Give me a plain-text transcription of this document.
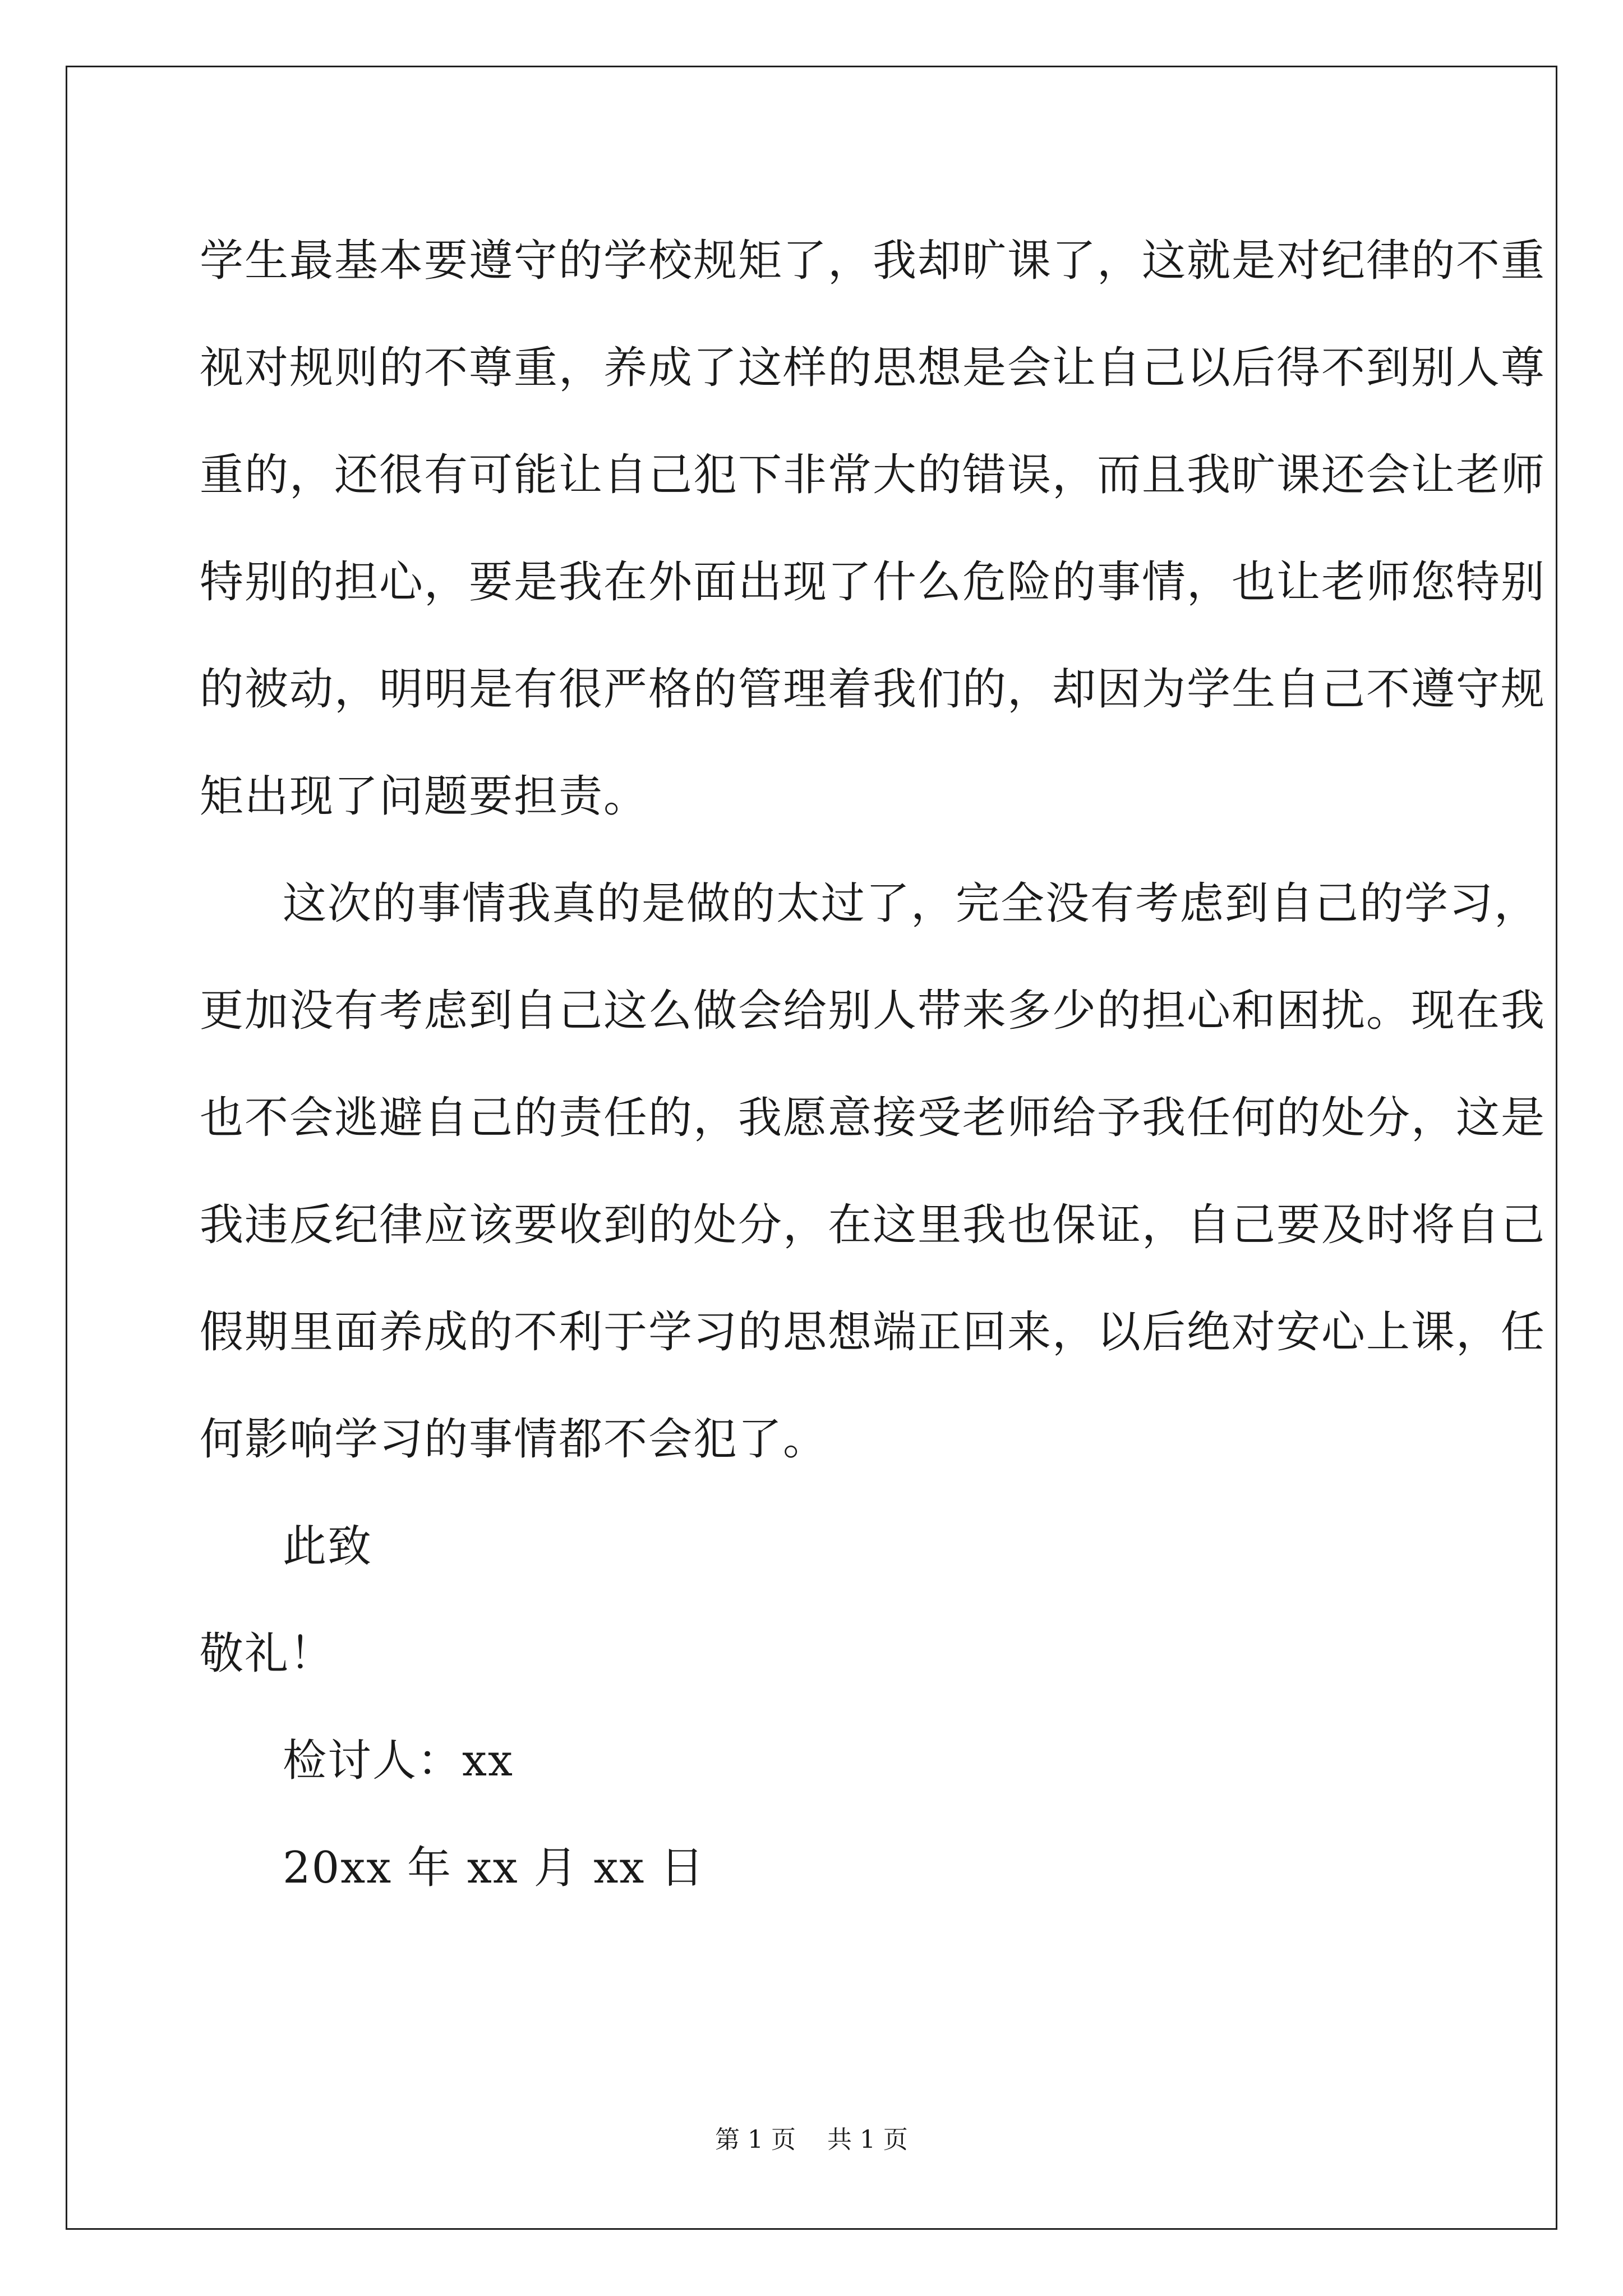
学生最基本要遵守的学校规矩了，我却旷课了，这就是对纪律的不重
视对规则的不尊重，养成了这样的思想是会让自己以后得不到别人尊
重的，还很有可能让自己犯下非常大的错误，而且我旷课还会让老师
特别的担心，要是我在外面出现了什么危险的事情，也让老师您特别
的被动，明明是有很严格的管理着我们的，却因为学生自己不遵守规
矩出现了问题要担责。
这次的事情我真的是做的太过了，完全没有考虑到自己的学习，
更加没有考虑到自己这么做会给别人带来多少的担心和困扰。现在我
也不会逃避自己的责任的，我愿意接受老师给予我任何的处分，这是
我违反纪律应该要收到的处分，在这里我也保证，自己要及时将自己
假期里面养成的不利于学习的思想端正回来，以后绝对安心上课，任
何影响学习的事情都不会犯了。
此致
敬礼！
检讨人：xx
20xx 年 xx 月 xx 日
第 1 页    共 1 页
